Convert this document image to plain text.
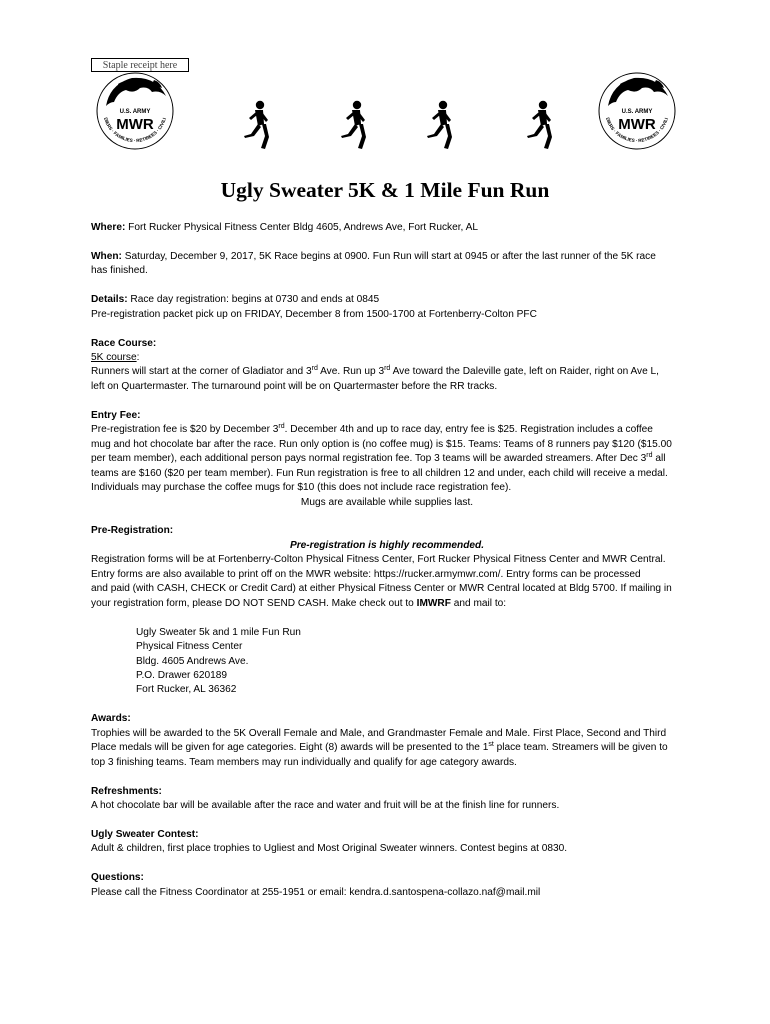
Staple receipt here
U.S. ARMY
MWR
DIERS · FAMILIES · RETIREES · CIVILI
U.S. ARMY
MWR
DIERS · FAMILIES · RETIREES · CIVILI
Ugly Sweater 5K & 1 Mile Fun Run

Where: Fort Rucker Physical Fitness Center Bldg 4605, Andrews Ave, Fort Rucker, AL

When: Saturday, December 9, 2017, 5K Race begins at 0900. Fun Run will start at 0945 or after the last runner of the 5K race

has finished.

Details: Race day registration: begins at 0730 and ends at 0845

Pre-registration packet pick up on FRIDAY, December 8 from 1500-1700 at Fortenberry-Colton PFC

Race Course:

5K course:

Runners will start at the corner of Gladiator and 3rd Ave. Run up 3rd Ave toward the Daleville gate, left on Raider, right on Ave L,

left on Quartermaster. The turnaround point will be on Quartermaster before the RR tracks.

Entry Fee:

Pre-registration fee is $20 by December 3rd. December 4th and up to race day, entry fee is $25. Registration includes a coffee

mug and hot chocolate bar after the race. Run only option is (no coffee mug) is $15. Teams: Teams of 8 runners pay $120 ($15.00

per team member), each additional person pays normal registration fee. Top 3 teams will be awarded streamers. After Dec 3rd all

teams are $160 ($20 per team member). Fun Run registration is free to all children 12 and under, each child will receive a medal.

Individuals may purchase the coffee mugs for $10 (this does not include race registration fee).

Mugs are available while supplies last.

Pre-Registration:

Pre-registration is highly recommended.

Registration forms will be at Fortenberry-Colton Physical Fitness Center, Fort Rucker Physical Fitness Center and MWR Central.

Entry forms are also available to print off on the MWR website: https://rucker.armymwr.com/. Entry forms can be processed

and paid (with CASH, CHECK or Credit Card) at either Physical Fitness Center or MWR Central located at Bldg 5700. If mailing in

your registration form, please DO NOT SEND CASH. Make check out to IMWRF and mail to:

Ugly Sweater 5k and 1 mile Fun Run

Physical Fitness Center

Bldg. 4605 Andrews Ave.

P.O. Drawer 620189

Fort Rucker, AL 36362

Awards:

Trophies will be awarded to the 5K Overall Female and Male, and Grandmaster Female and Male. First Place, Second and Third

Place medals will be given for age categories. Eight (8) awards will be presented to the 1st place team. Streamers will be given to

top 3 finishing teams. Team members may run individually and qualify for age category awards.

Refreshments:

A hot chocolate bar will be available after the race and water and fruit will be at the finish line for runners.

Ugly Sweater Contest:

Adult & children, first place trophies to Ugliest and Most Original Sweater winners. Contest begins at 0830.

Questions:

Please call the Fitness Coordinator at 255-1951 or email: kendra.d.santospena-collazo.naf@mail.mil
